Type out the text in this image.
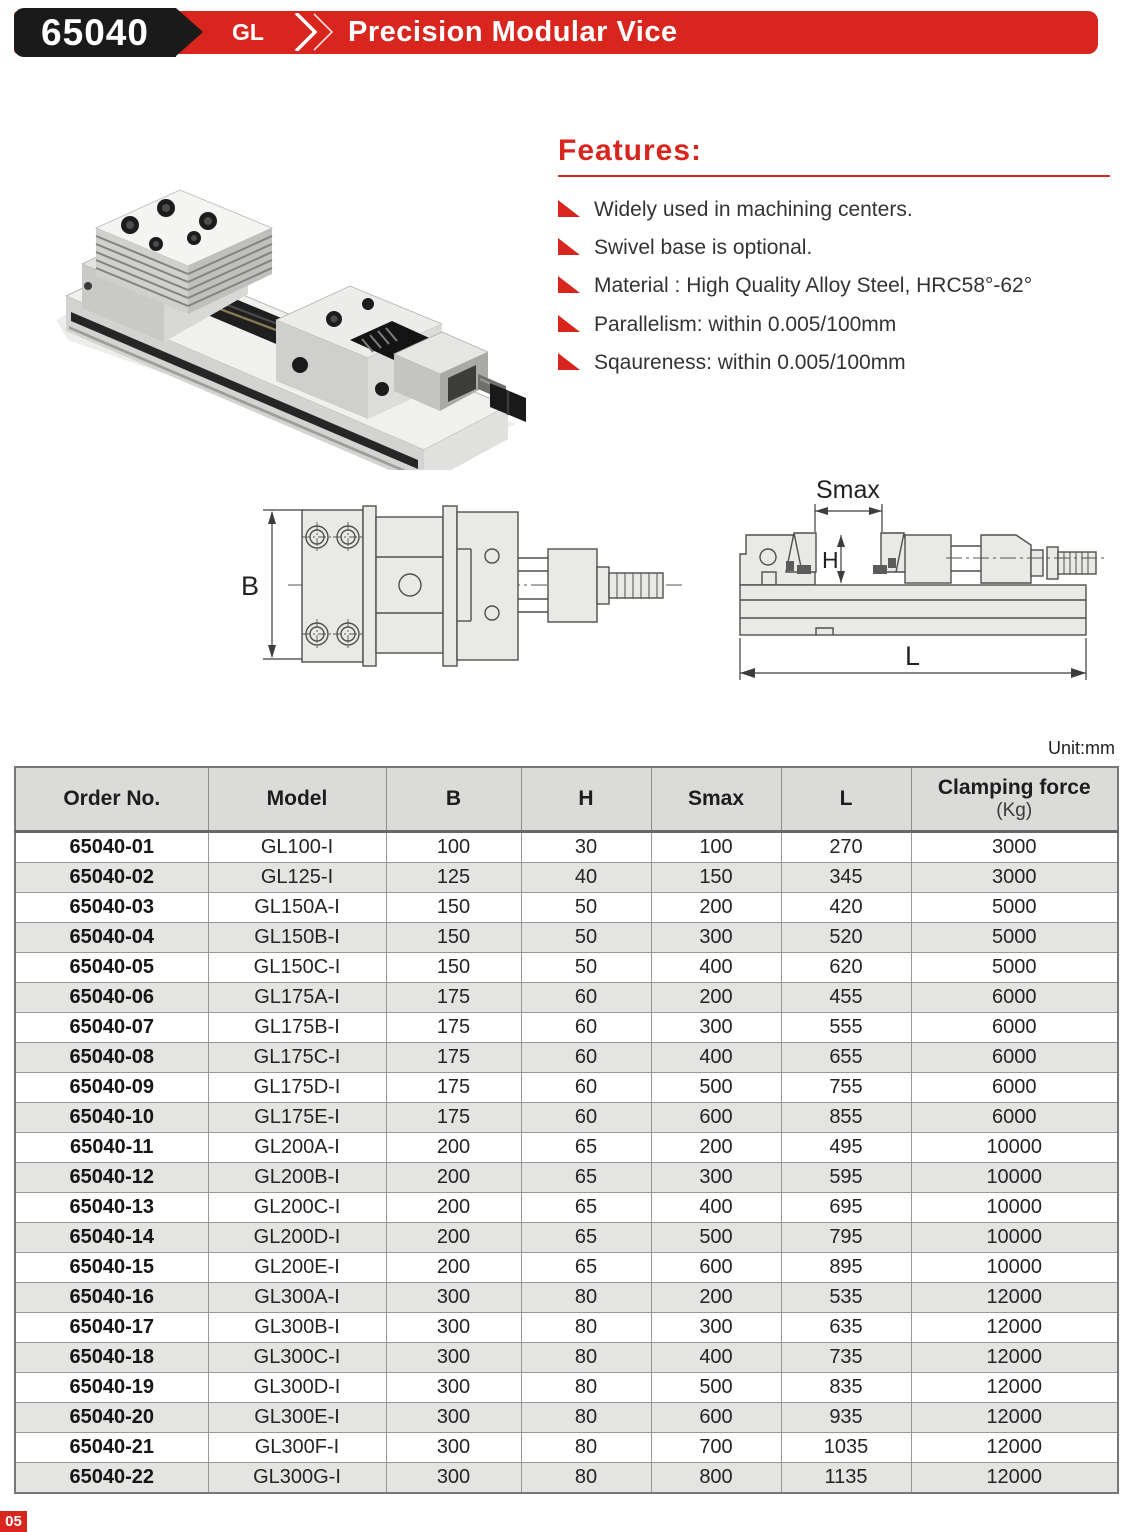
65040	GL	Precision Modular Vice
Features:
Widely used in machining centers.
Swivel base is optional.
Material : High Quality Alloy Steel, HRC58°-62°
Parallelism: within 0.005/100mm
Sqaureness: within 0.005/100mm
B
Smax
H
L
Unit:mm
Order No.	Model	B	H	Smax	L	Clamping force
(Kg)

65040-01	GL100-I	100	30	100	270	3000
65040-02	GL125-I	125	40	150	345	3000
65040-03	GL150A-I	150	50	200	420	5000
65040-04	GL150B-I	150	50	300	520	5000
65040-05	GL150C-I	150	50	400	620	5000
65040-06	GL175A-I	175	60	200	455	6000
65040-07	GL175B-I	175	60	300	555	6000
65040-08	GL175C-I	175	60	400	655	6000
65040-09	GL175D-I	175	60	500	755	6000
65040-10	GL175E-I	175	60	600	855	6000
65040-11	GL200A-I	200	65	200	495	10000
65040-12	GL200B-I	200	65	300	595	10000
65040-13	GL200C-I	200	65	400	695	10000
65040-14	GL200D-I	200	65	500	795	10000
65040-15	GL200E-I	200	65	600	895	10000
65040-16	GL300A-I	300	80	200	535	12000
65040-17	GL300B-I	300	80	300	635	12000
65040-18	GL300C-I	300	80	400	735	12000
65040-19	GL300D-I	300	80	500	835	12000
65040-20	GL300E-I	300	80	600	935	12000
65040-21	GL300F-I	300	80	700	1035	12000
65040-22	GL300G-I	300	80	800	1135	12000
05
